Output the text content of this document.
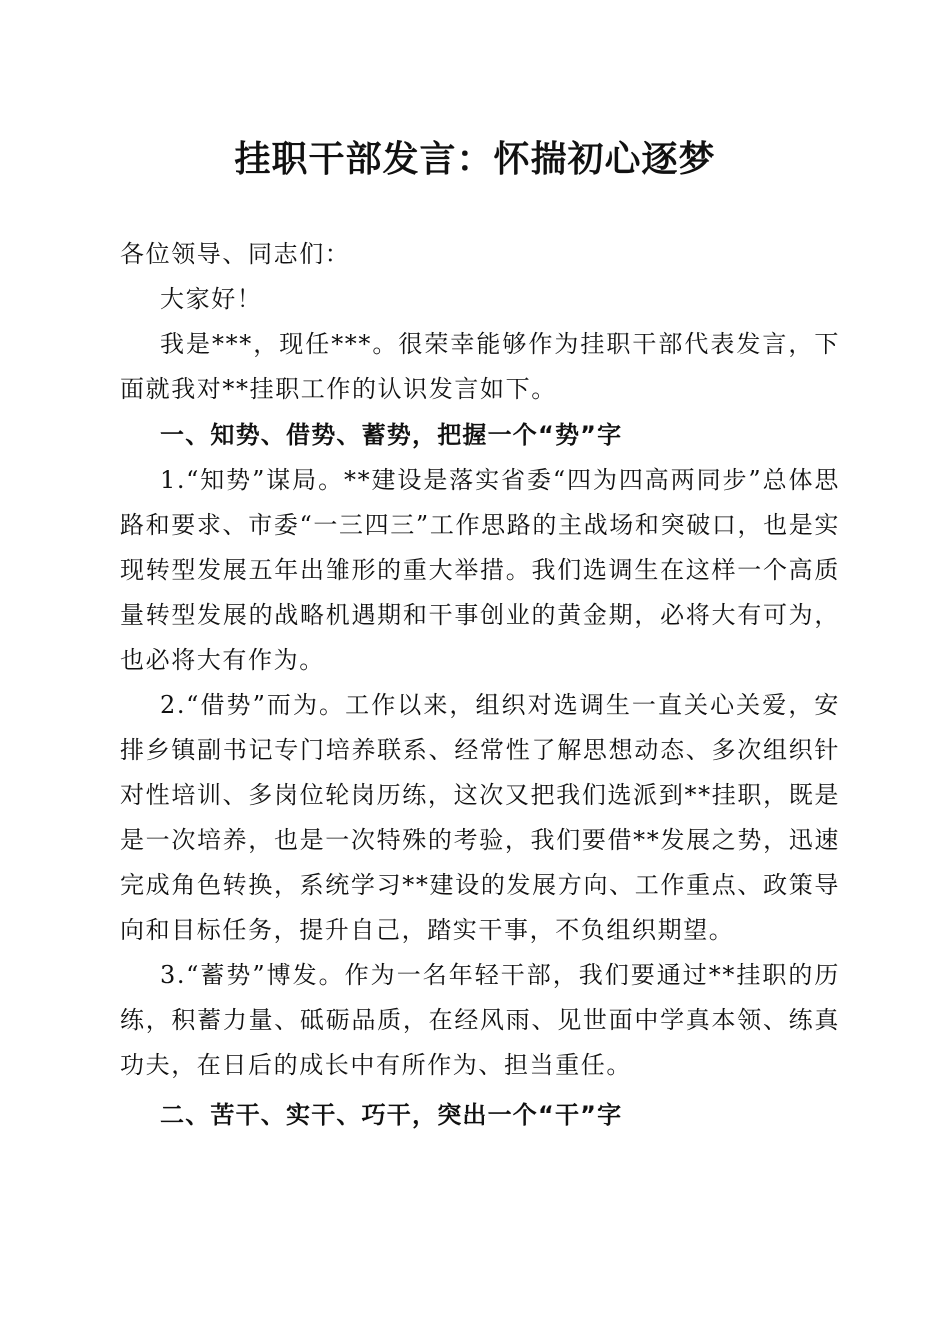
挂职干部发言：怀揣初心逐梦

各位领导、同志们：

大家好！

我是***，现任***。很荣幸能够作为挂职干部代表发言，下面就我对**挂职工作的认识发言如下。

一、知势、借势、蓄势，把握一个“势”字

1.“知势”谋局。**建设是落实省委“四为四高两同步”总体思路和要求、市委“一三四三”工作思路的主战场和突破口，也是实现转型发展五年出雏形的重大举措。我们选调生在这样一个高质量转型发展的战略机遇期和干事创业的黄金期，必将大有可为，也必将大有作为。

2.“借势”而为。工作以来，组织对选调生一直关心关爱，安排乡镇副书记专门培养联系、经常性了解思想动态、多次组织针对性培训、多岗位轮岗历练，这次又把我们选派到**挂职，既是是一次培养，也是一次特殊的考验，我们要借**发展之势，迅速完成角色转换，系统学习**建设的发展方向、工作重点、政策导向和目标任务，提升自己，踏实干事，不负组织期望。

3.“蓄势”博发。作为一名年轻干部，我们要通过**挂职的历练，积蓄力量、砥砺品质，在经风雨、见世面中学真本领、练真功夫，在日后的成长中有所作为、担当重任。

二、苦干、实干、巧干，突出一个“干”字
